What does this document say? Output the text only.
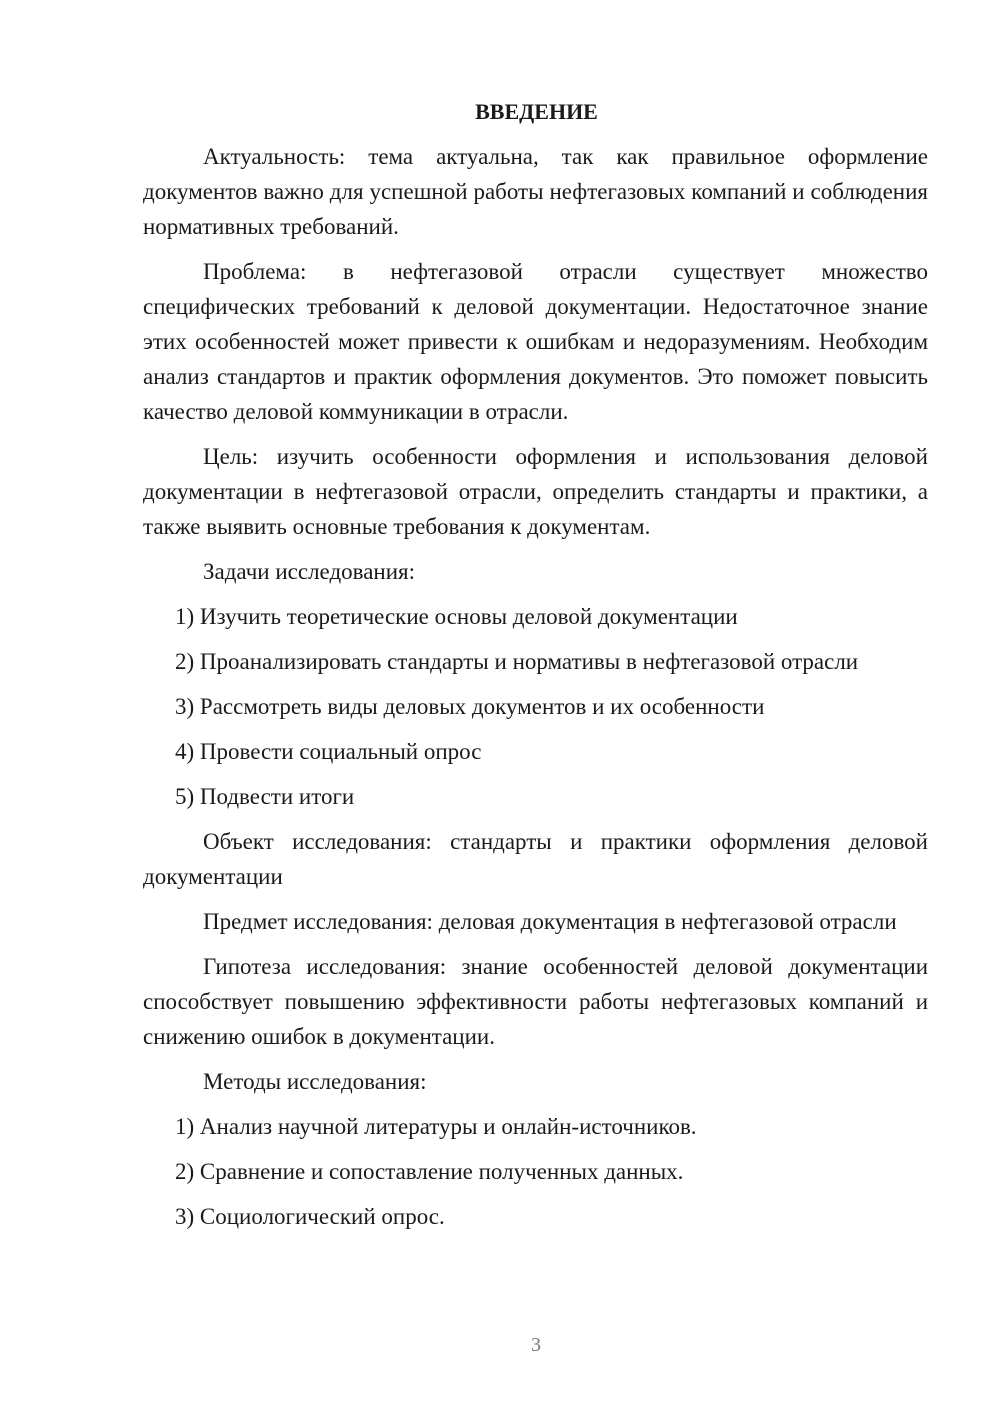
ВВЕДЕНИЕ
Актуальность: тема актуальна, так как правильное оформление документов важно для успешной работы нефтегазовых компаний и соблюдения нормативных требований.
Проблема: в нефтегазовой отрасли существует множество специфических требований к деловой документации. Недостаточное знание этих особенностей может привести к ошибкам и недоразумениям. Необходим анализ стандартов и практик оформления документов. Это поможет повысить качество деловой коммуникации в отрасли.
Цель: изучить особенности оформления и использования деловой документации в нефтегазовой отрасли, определить стандарты и практики, а также выявить основные требования к документам.
Задачи исследования:
1) Изучить теоретические основы деловой документации
2) Проанализировать стандарты и нормативы в нефтегазовой отрасли
3) Рассмотреть виды деловых документов и их особенности
4) Провести социальный опрос
5) Подвести итоги
Объект исследования: стандарты и практики оформления деловой документации
Предмет исследования: деловая документация в нефтегазовой отрасли
Гипотеза исследования: знание особенностей деловой документации способствует повышению эффективности работы нефтегазовых компаний и снижению ошибок в документации.
Методы исследования:
1) Анализ научной литературы и онлайн-источников.
2) Сравнение и сопоставление полученных данных.
3) Социологический опрос.
3
